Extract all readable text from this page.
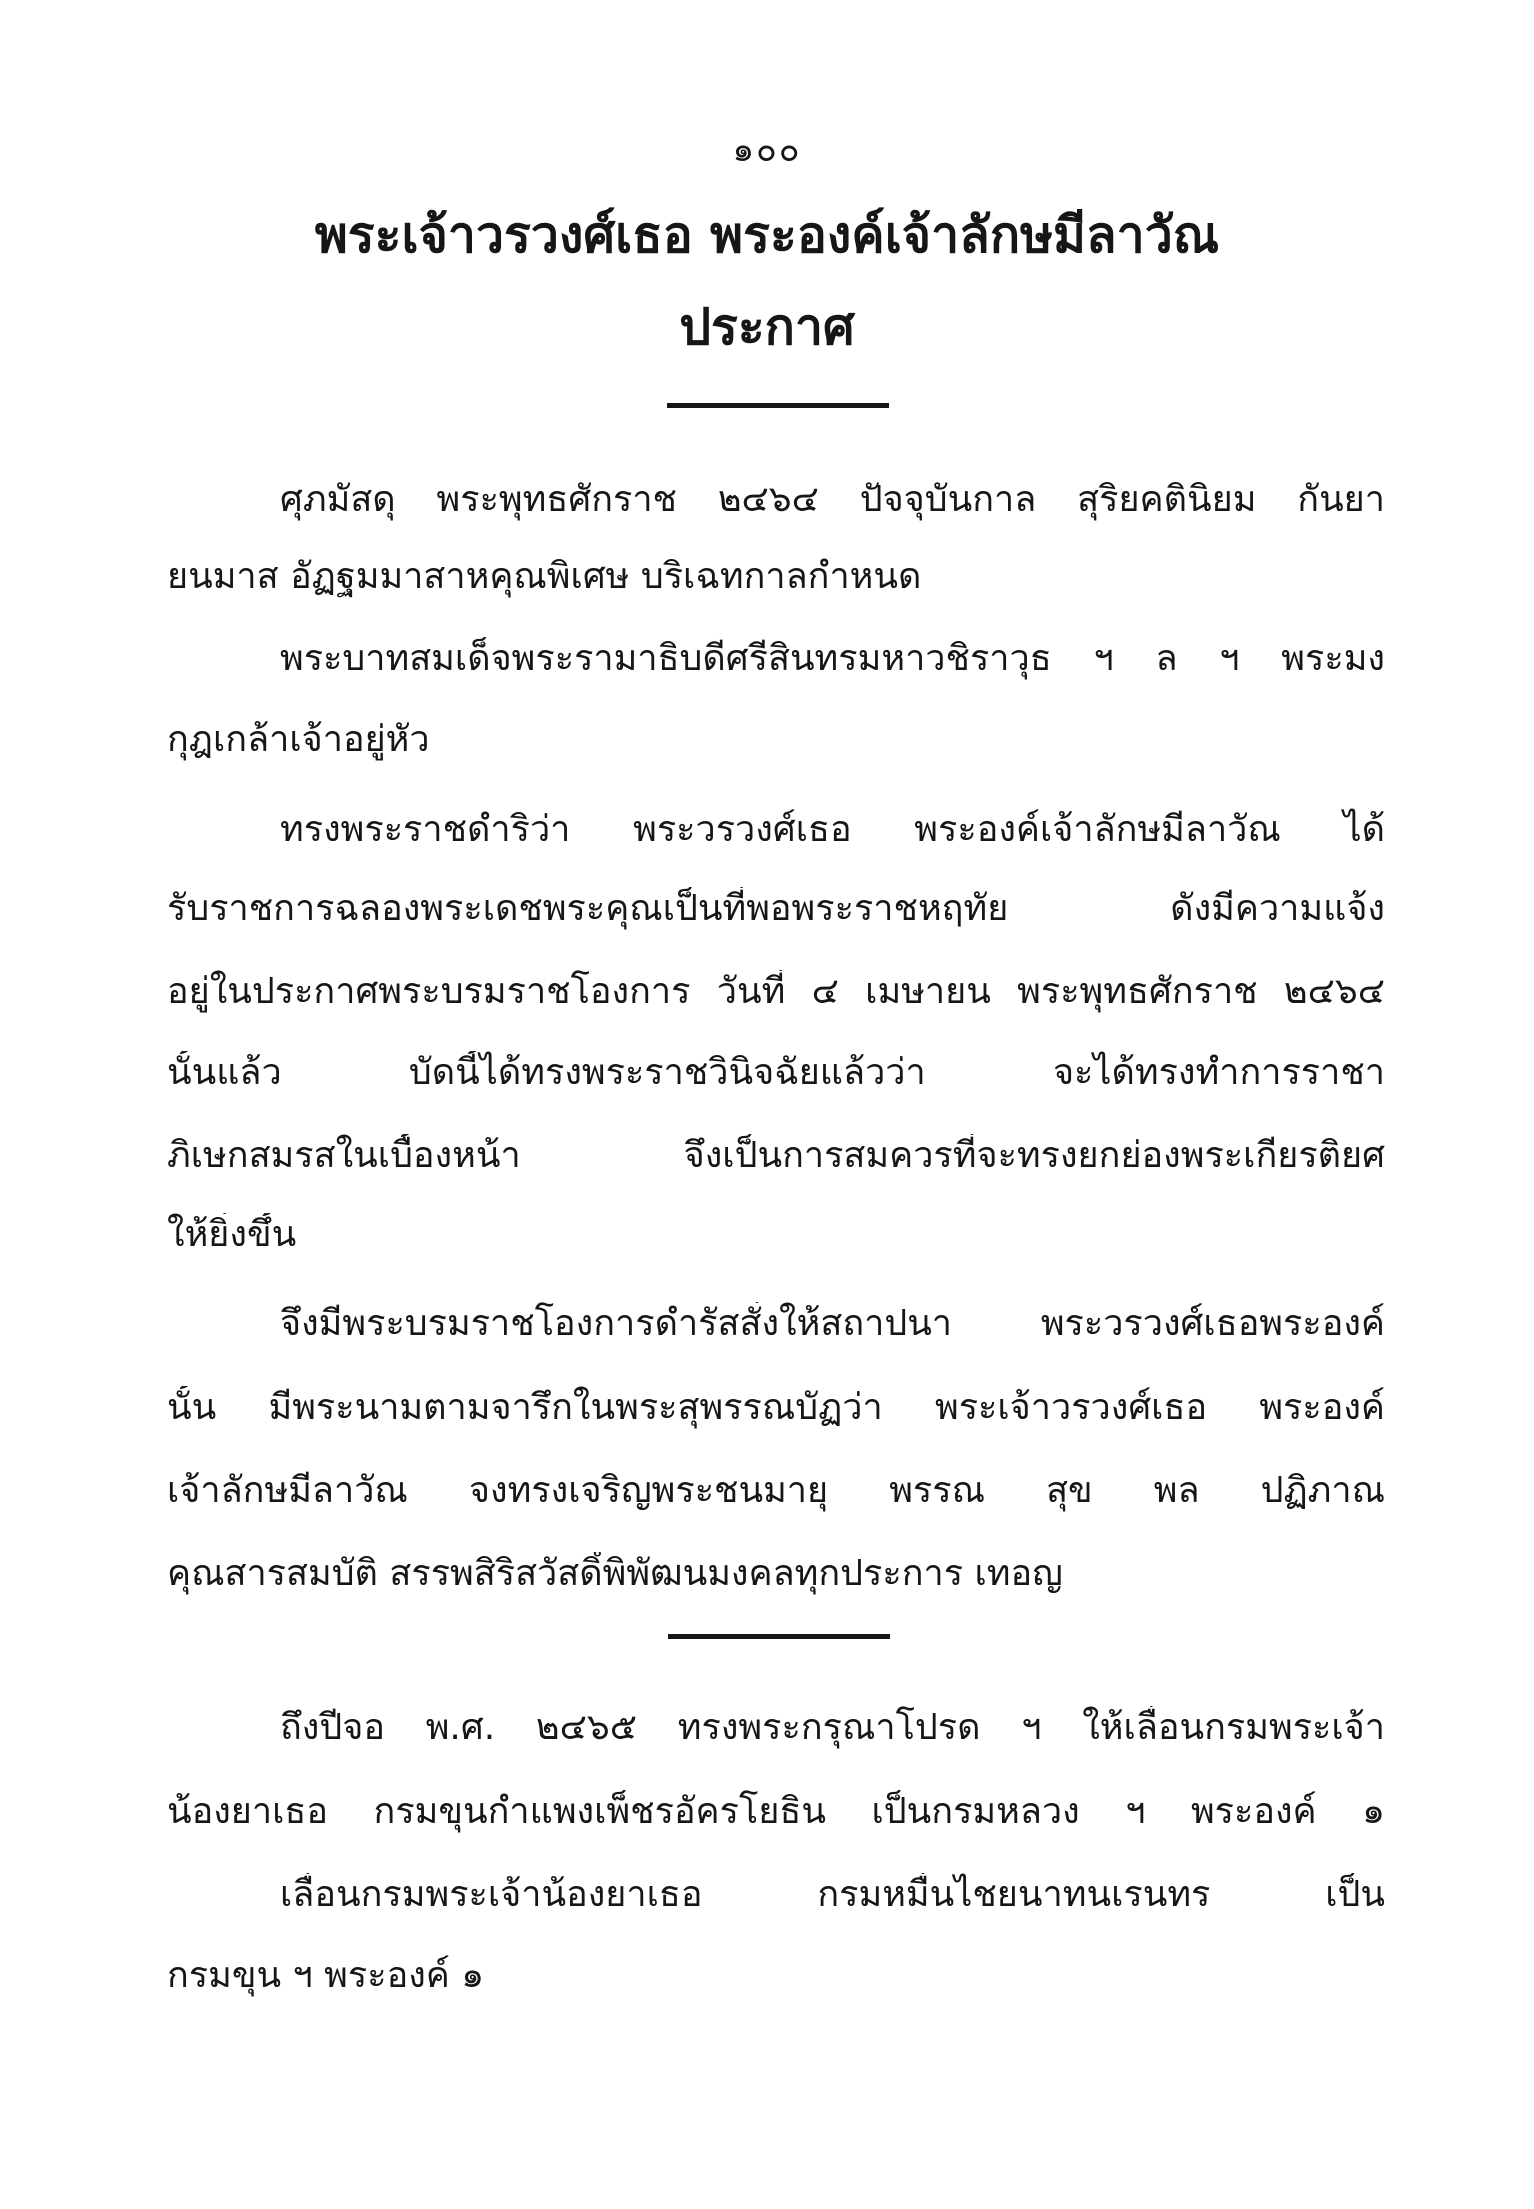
๑๐๐
พระเจ้าวรวงศ์เธอ พระองค์เจ้าลักษมีลาวัณ
ประกาศ
ศุภมัสดุ พระพุทธศักราช ๒๔๖๔ ปัจจุบันกาล สุริยคตินิยม กันยา
ยนมาส อัฏฐมมาสาหคุณพิเศษ บริเฉทกาลกำหนด
พระบาทสมเด็จพระรามาธิบดีศรีสินทรมหาวชิราวุธ ฯ ล ฯ พระมง
กุฎเกล้าเจ้าอยู่หัว
ทรงพระราชดำริว่า พระวรวงศ์เธอ พระองค์เจ้าลักษมีลาวัณ ได้
รับราชการฉลองพระเดชพระคุณเป็นที่พอพระราชหฤทัย ดังมีความแจ้ง
อยู่ในประกาศพระบรมราชโองการ วันที่ ๔ เมษายน พระพุทธศักราช ๒๔๖๔
นั้นแล้ว บัดนี้ได้ทรงพระราชวินิจฉัยแล้วว่า จะได้ทรงทำการราชา
ภิเษกสมรสในเบื้องหน้า จึงเป็นการสมควรที่จะทรงยกย่องพระเกียรติยศ
ให้ยิ่งขึ้น
จึงมีพระบรมราชโองการดำรัสสั่งให้สถาปนา พระวรวงศ์เธอพระองค์
นั้น มีพระนามตามจารึกในพระสุพรรณบัฏว่า พระเจ้าวรวงศ์เธอ พระองค์
เจ้าลักษมีลาวัณ จงทรงเจริญพระชนมายุ พรรณ สุข พล ปฏิภาณ
คุณสารสมบัติ สรรพสิริสวัสดิ์พิพัฒนมงคลทุกประการ เทอญ
ถึงปีจอ พ.ศ. ๒๔๖๕ ทรงพระกรุณาโปรด ฯ ให้เลื่อนกรมพระเจ้า
น้องยาเธอ กรมขุนกำแพงเพ็ชรอัครโยธิน เป็นกรมหลวง ฯ พระองค์ ๑
เลื่อนกรมพระเจ้าน้องยาเธอ กรมหมื่นไชยนาทนเรนทร เป็น
กรมขุน ฯ พระองค์ ๑
